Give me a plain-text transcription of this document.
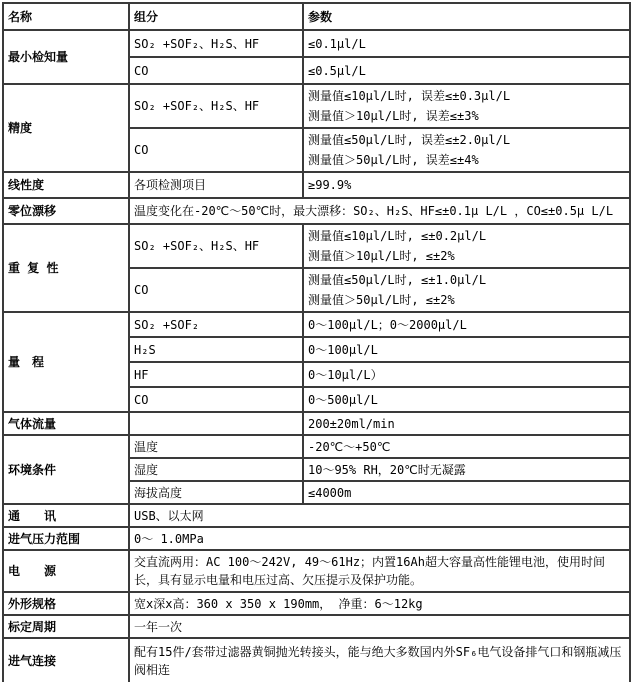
名称	组分	参数
最小检知量	SO₂ +SOF₂、H₂S、HF	≤0.1μl/L
	CO	≤0.5μl/L
精度	SO₂ +SOF₂、H₂S、HF	测量值≤10μl/L时, 误差≤±0.3μl/L
测量值＞10μl/L时, 误差≤±3%

	CO	测量值≤50μl/L时, 误差≤±2.0μl/L
测量值＞50μl/L时, 误差≤±4%

线性度	各项检测项目	≥99.9%
零位漂移	温度变化在-20℃～50℃时，最大漂移：SO₂、H₂S、HF≤±0.1μ L/L ，CO≤±0.5μ L/L	
重 复 性	SO₂ +SOF₂、H₂S、HF	测量值≤10μl/L时, ≤±0.2μl/L
测量值＞10μl/L时, ≤±2%

	CO	测量值≤50μl/L时, ≤±1.0μl/L
测量值＞50μl/L时, ≤±2%

量　程	SO₂ +SOF₂	0～100μl/L；0～2000μl/L
	H₂S	0～100μl/L
	HF	0～10μl/L）
	CO	0～500μl/L
气体流量		200±20ml/min
环境条件	温度	-20℃～+50℃
	湿度	10～95% RH，20℃时无凝露
	海拔高度	≤4000m
通　　讯	USB、以太网	
进气压力范围	0～ 1.0MPa	
电　　源	交直流两用：AC 100～242V, 49～61Hz；内置16Ah超大容量高性能锂电池，使用时间长，具有显示电量和电压过高、欠压提示及保护功能。	
外形规格	宽x深x高：360 x 350 x 190mm， 净重：6～12kg	
标定周期	一年一次	
进气连接	配有15件/套带过滤器黄铜抛光转接头，能与绝大多数国内外SF₆电气设备排气口和钢瓶减压阀相连	
